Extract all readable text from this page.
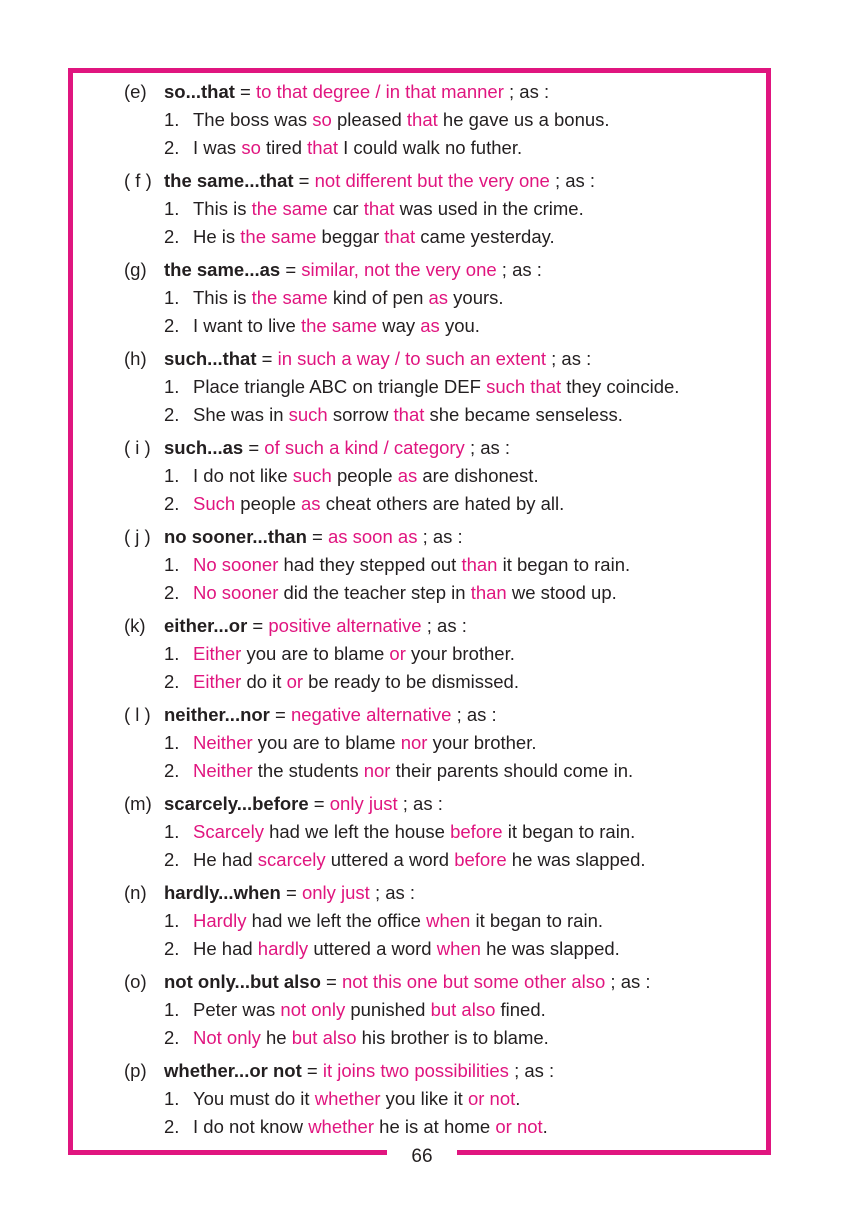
(e) so...that = to that degree / in that manner ; as :
1. The boss was so pleased that he gave us a bonus.
2. I was so tired that I could walk no futher.
( f ) the same...that = not different but the very one ; as :
1. This is the same car that was used in the crime.
2. He is the same beggar that came yesterday.
(g) the same...as = similar, not the very one ; as :
1. This is the same kind of pen as yours.
2. I want to live the same way as you.
(h) such...that = in such a way / to such an extent ; as :
1. Place triangle ABC on triangle DEF such that they coincide.
2. She was in such sorrow that she became senseless.
( i ) such...as = of such a kind / category ; as :
1. I do not like such people as are dishonest.
2. Such people as cheat others are hated by all.
( j ) no sooner...than = as soon as ; as :
1. No sooner had they stepped out than it began to rain.
2. No sooner did the teacher step in than we stood up.
(k) either...or = positive alternative ; as :
1. Either you are to blame or your brother.
2. Either do it or be ready to be dismissed.
( l ) neither...nor = negative alternative ; as :
1. Neither you are to blame nor your brother.
2. Neither the students nor their parents should come in.
(m) scarcely...before = only just ; as :
1. Scarcely had we left the house before it began to rain.
2. He had scarcely uttered a word before he was slapped.
(n) hardly...when = only just ; as :
1. Hardly had we left the office when it began to rain.
2. He had hardly uttered a word when he was slapped.
(o) not only...but also = not this one but some other also ; as :
1. Peter was not only punished but also fined.
2. Not only he but also his brother is to blame.
(p) whether...or not = it joins two possibilities ; as :
1. You must do it whether you like it or not.
2. I do not know whether he is at home or not.
66
